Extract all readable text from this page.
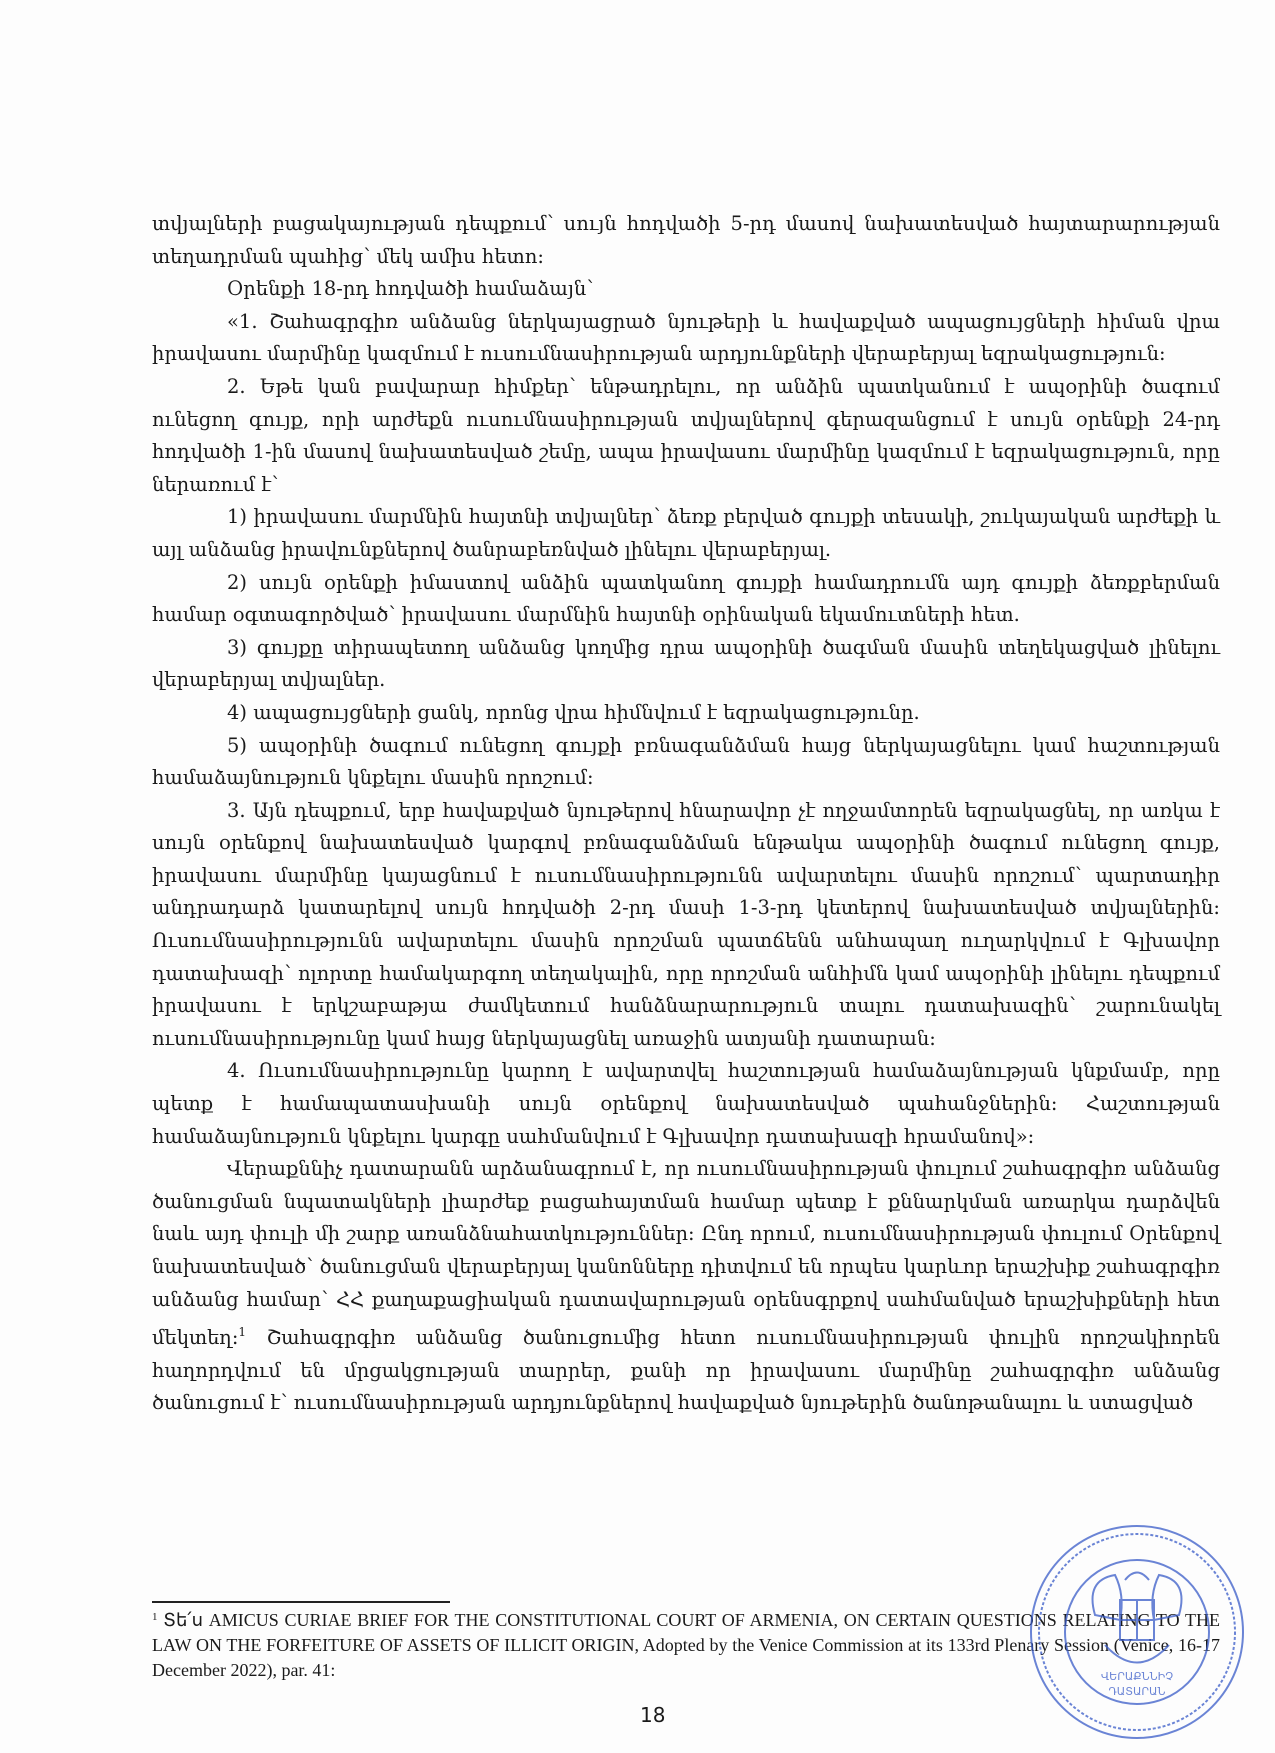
տվյալների բացակայության դեպքում՝ սույն հոդվածի 5-րդ մասով նախատեսված հայտարարության տեղադրման պահից՝ մեկ ամիս հետո:

Օրենքի 18-րդ հոդվածի համաձայն՝

«1. Շահագրգիռ անձանց ներկայացրած նյութերի և հավաքված ապացույցների հիման վրա իրավասու մարմինը կազմում է ուսումնասիրության արդյունքների վերաբերյալ եզրակացություն:

2. Եթե կան բավարար հիմքեր՝ ենթադրելու, որ անձին պատկանում է ապօրինի ծագում ունեցող գույք, որի արժեքն ուսումնասիրության տվյալներով գերազանցում է սույն օրենքի 24-րդ հոդվածի 1-ին մասով նախատեսված շեմը, ապա իրավասու մարմինը կազմում է եզրակացություն, որը ներառում է՝

1) իրավասու մարմնին հայտնի տվյալներ՝ ձեռք բերված գույքի տեսակի, շուկայական արժեքի և այլ անձանց իրավունքներով ծանրաբեռնված լինելու վերաբերյալ.

2) սույն օրենքի իմաստով անձին պատկանող գույքի համադրումն այդ գույքի ձեռքբերման համար օգտագործված՝ իրավասու մարմնին հայտնի օրինական եկամուտների հետ.

3) գույքը տիրապետող անձանց կողմից դրա ապօրինի ծագման մասին տեղեկացված լինելու վերաբերյալ տվյալներ.

4) ապացույցների ցանկ, որոնց վրա հիմնվում է եզրակացությունը.

5) ապօրինի ծագում ունեցող գույքի բռնագանձման հայց ներկայացնելու կամ հաշտության համաձայնություն կնքելու մասին որոշում:

3. Այն դեպքում, երբ հավաքված նյութերով հնարավոր չէ ողջամտորեն եզրակացնել, որ առկա է սույն օրենքով նախատեսված կարգով բռնագանձման ենթակա ապօրինի ծագում ունեցող գույք, իրավասու մարմինը կայացնում է ուսումնասիրությունն ավարտելու մասին որոշում՝ պարտադիր անդրադարձ կատարելով սույն հոդվածի 2-րդ մասի 1-3-րդ կետերով նախատեսված տվյալներին: Ուսումնասիրությունն ավարտելու մասին որոշման պատճենն անհապաղ ուղարկվում է Գլխավոր դատախազի՝ ոլորտը համակարգող տեղակալին, որը որոշման անհիմն կամ ապօրինի լինելու դեպքում իրավասու է երկշաբաթյա ժամկետում հանձնարարություն տալու դատախազին՝ շարունակել ուսումնասիրությունը կամ հայց ներկայացնել առաջին ատյանի դատարան:

4. Ուսումնասիրությունը կարող է ավարտվել հաշտության համաձայնության կնքմամբ, որը պետք է համապատասխանի սույն օրենքով նախատեսված պահանջներին: Հաշտության համաձայնություն կնքելու կարգը սահմանվում է Գլխավոր դատախազի հրամանով»:

Վերաքննիչ դատարանն արձանագրում է, որ ուսումնասիրության փուլում շահագրգիռ անձանց ծանուցման նպատակների լիարժեք բացահայտման համար պետք է քննարկման առարկա դարձվեն նաև այդ փուլի մի շարք առանձնահատկություններ: Ընդ որում, ուսումնասիրության փուլում Օրենքով նախատեսված՝ ծանուցման վերաբերյալ կանոնները դիտվում են որպես կարևոր երաշխիք շահագրգիռ անձանց համար՝ ՀՀ քաղաքացիական դատավարության օրենսգրքով սահմանված երաշխիքների հետ մեկտեղ:$^1$ Շահագրգիռ անձանց ծանուցումից հետո ուսումնասիրության փուլին որոշակիորեն հաղորդվում են մրցակցության տարրեր, քանի որ իրավասու մարմինը շահագրգիռ անձանց ծանուցում է՝ ուսումնասիրության արդյունքներով հավաքված նյութերին ծանոթանալու և ստացված

$^1$ Տե՛ս AMICUS CURIAE BRIEF FOR THE CONSTITUTIONAL COURT OF ARMENIA, ON CERTAIN QUESTIONS RELATING TO THE LAW ON THE FORFEITURE OF ASSETS OF ILLICIT ORIGIN, Adopted by the Venice Commission at its 133rd Plenary Session (Venice, 16-17 December 2022), par. 41:	ՎԵՐԱՔՆՆԻՉ
ԴԱՏԱՐԱՆ
18
